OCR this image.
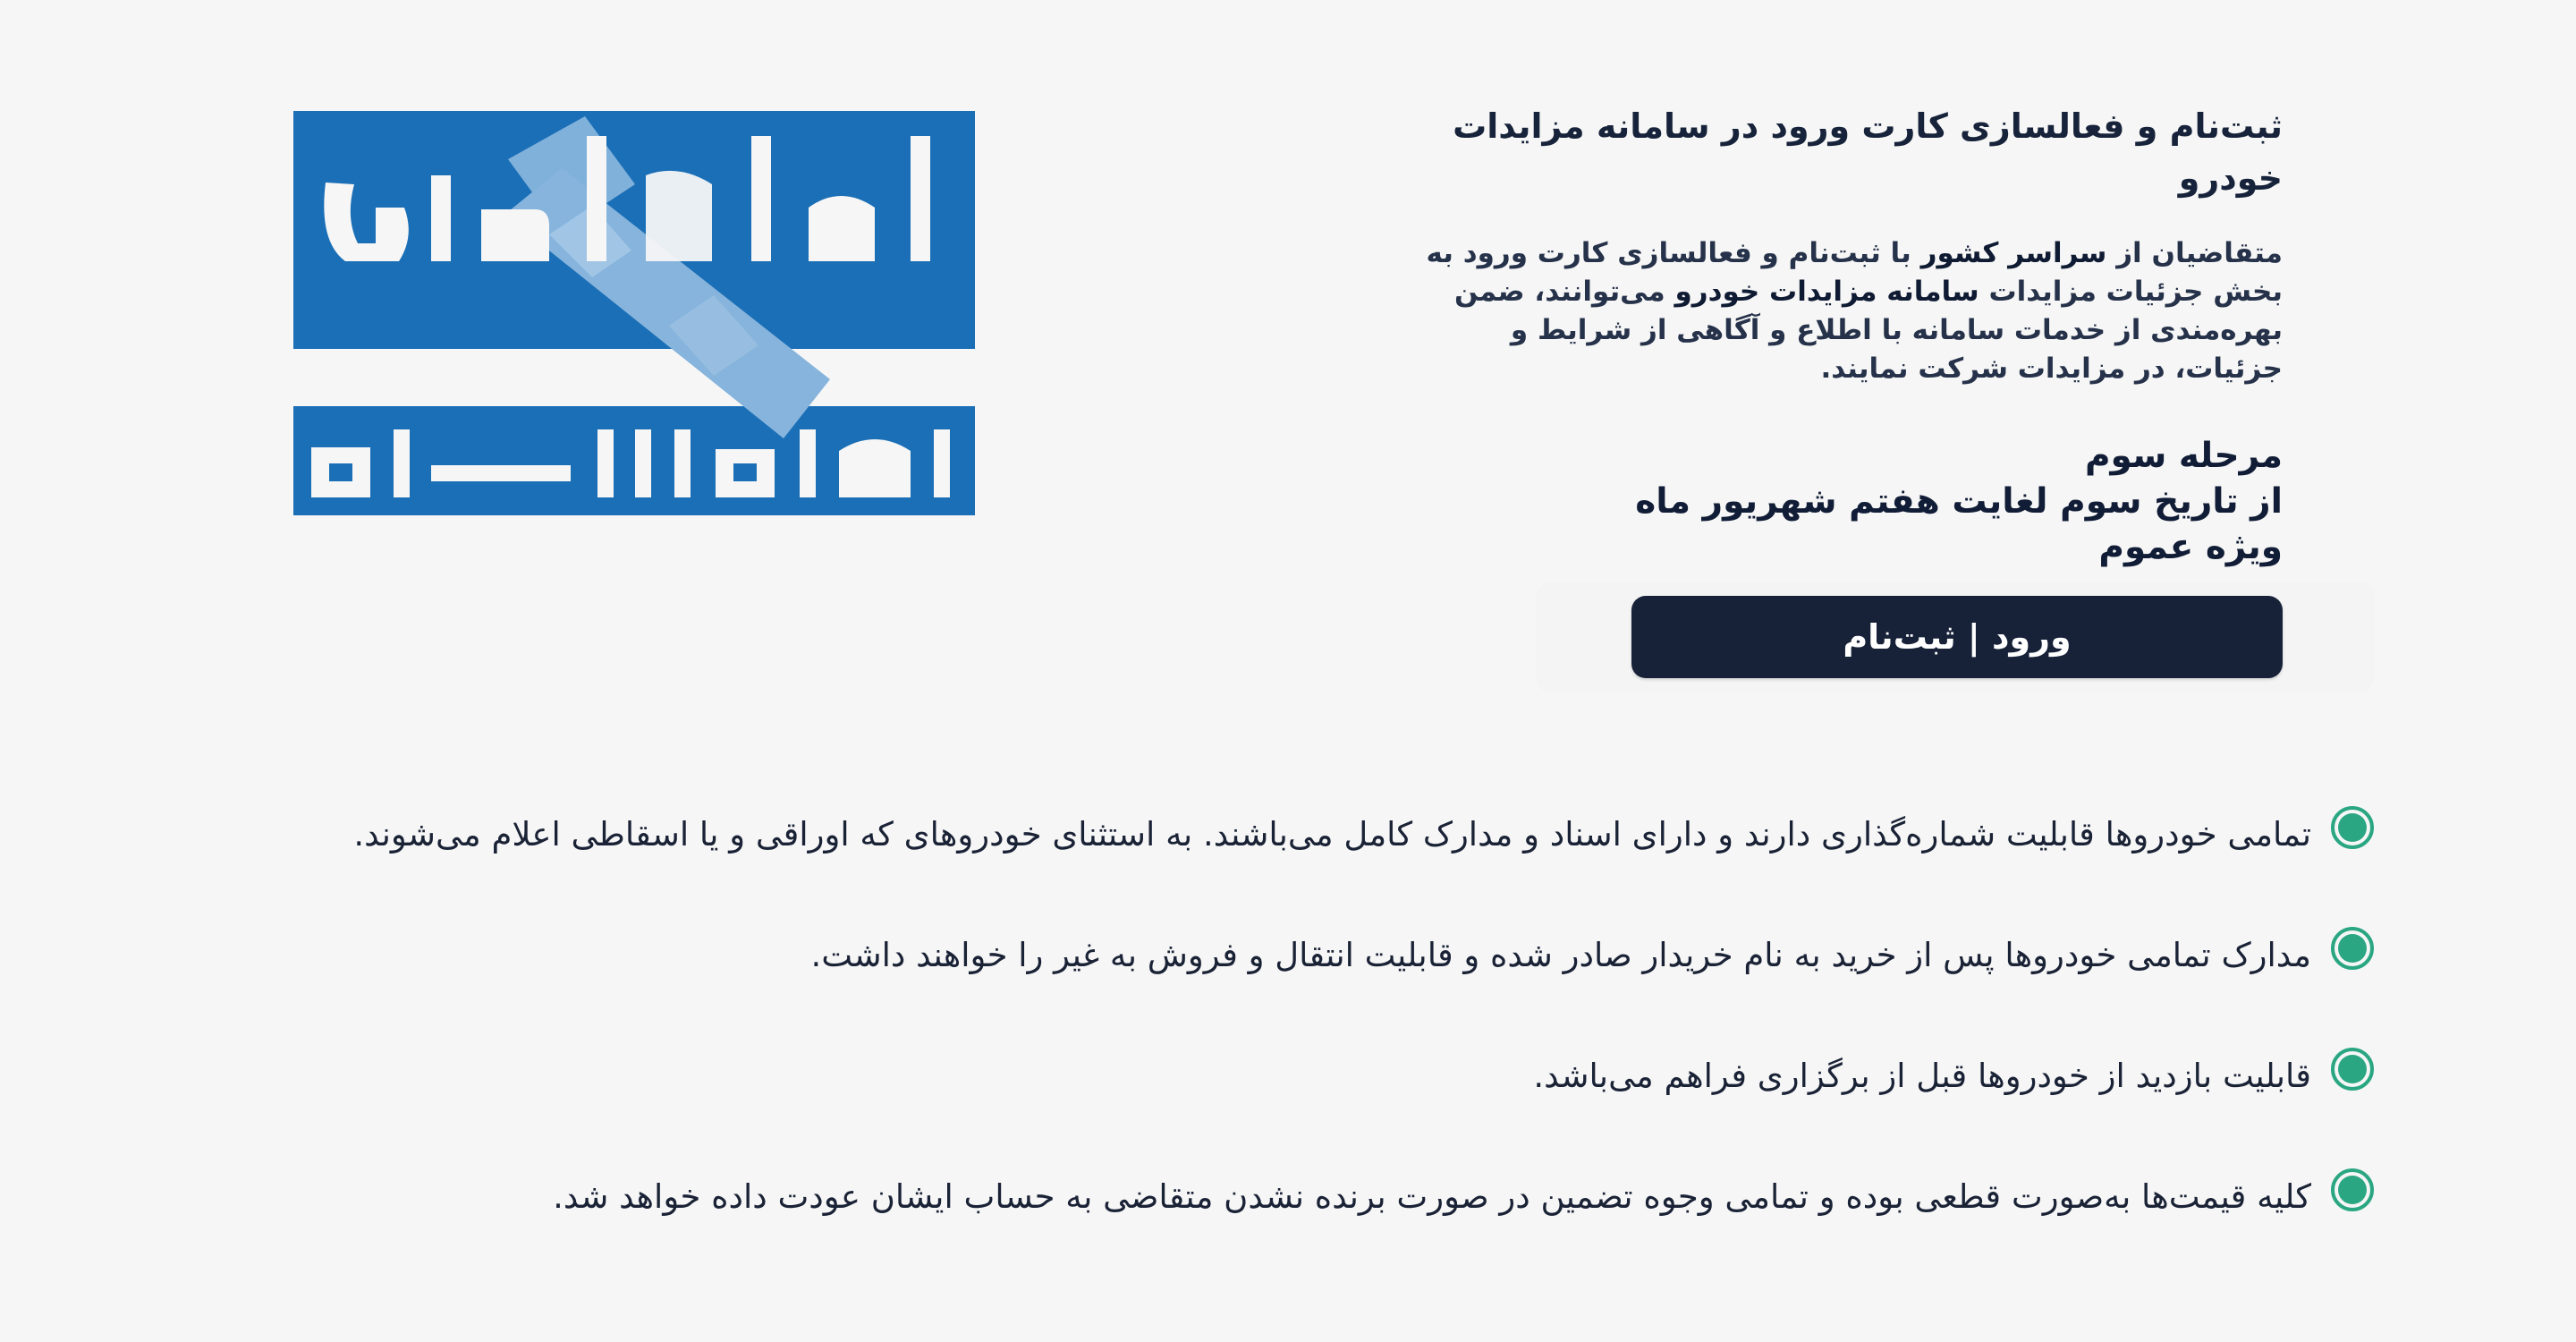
ثبت‌نام و فعالسازی کارت ورود در سامانه مزایدات خودرو

متقاضیان از سراسر کشور با ثبت‌نام و فعالسازی کارت ورود به بخش جزئیات مزایدات سامانه مزایدات خودرو می‌توانند، ضمن بهره‌مندی از خدمات سامانه با اطلاع و آگاهی از شرایط و جزئیات، در مزایدات شرکت نمایند.

مرحله سوم
از تاریخ سوم لغایت هفتم شهریور ماه
ویژه عموم
ورود | ثبت‌نام
تمامی خودروها قابلیت شماره‌گذاری دارند و دارای اسناد و مدارک کامل می‌باشند. به استثنای خودروهای که اوراقی و یا اسقاطی اعلام می‌شوند.
مدارک تمامی خودروها پس از خرید به نام خریدار صادر شده و قابلیت انتقال و فروش به غیر را خواهند داشت.
قابلیت بازدید از خودروها قبل از برگزاری فراهم می‌باشد.
کلیه قیمت‌ها به‌صورت قطعی بوده و تمامی وجوه تضمین در صورت برنده نشدن متقاضی به حساب ایشان عودت داده خواهد شد.
